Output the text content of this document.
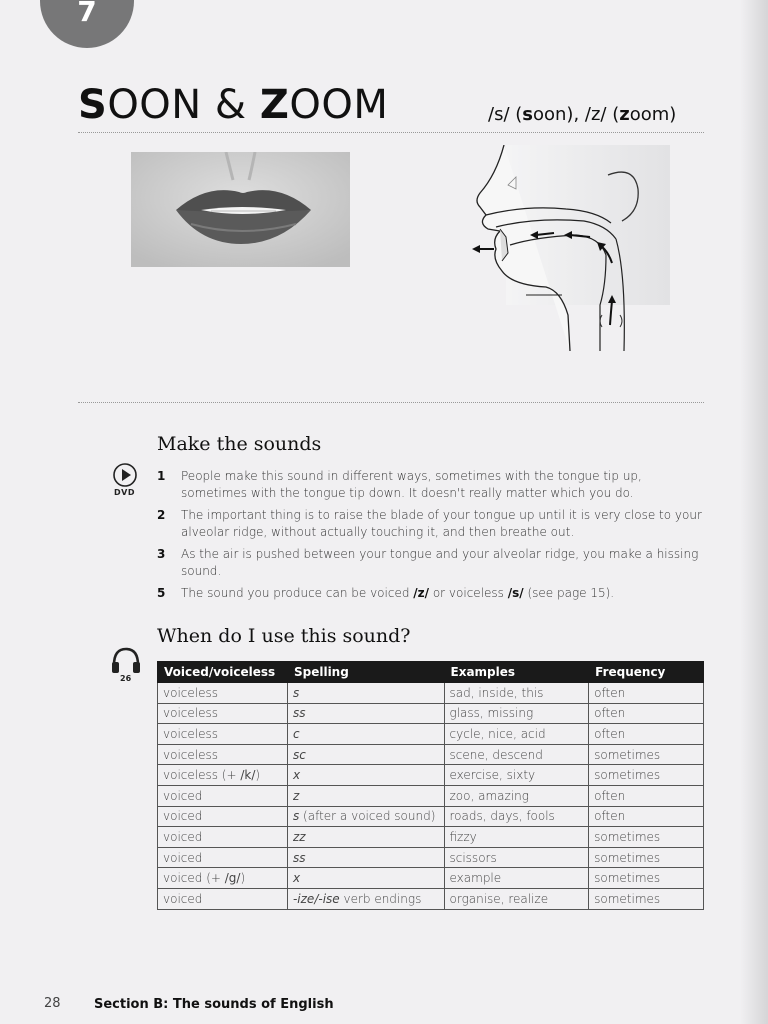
7
SOON & ZOOM	/s/ (soon), /z/ (zoom)
Make the sounds
DVD
1	People make this sound in different ways, sometimes with the tongue tip up, sometimes with the tongue tip down. It doesn't really matter which you do.
2	The important thing is to raise the blade of your tongue up until it is very close to your alveolar ridge, without actually touching it, and then breathe out.
3	As the air is pushed between your tongue and your alveolar ridge, you make a hissing sound.
5	The sound you produce can be voiced /z/ or voiceless /s/ (see page 15).
When do I use this sound?
26	Voiced/voiceless	Spelling	Examples	Frequency
voiceless	s	sad, inside, this	often
voiceless	ss	glass, missing	often
voiceless	c	cycle, nice, acid	often
voiceless	sc	scene, descend	sometimes
voiceless (+ /k/)	x	exercise, sixty	sometimes
voiced	z	zoo, amazing	often
voiced	s (after a voiced sound)	roads, days, fools	often
voiced	zz	fizzy	sometimes
voiced	ss	scissors	sometimes
voiced (+ /g/)	x	example	sometimes
voiced	-ize/-ise verb endings	organise, realize	sometimes
28	Section B: The sounds of English
